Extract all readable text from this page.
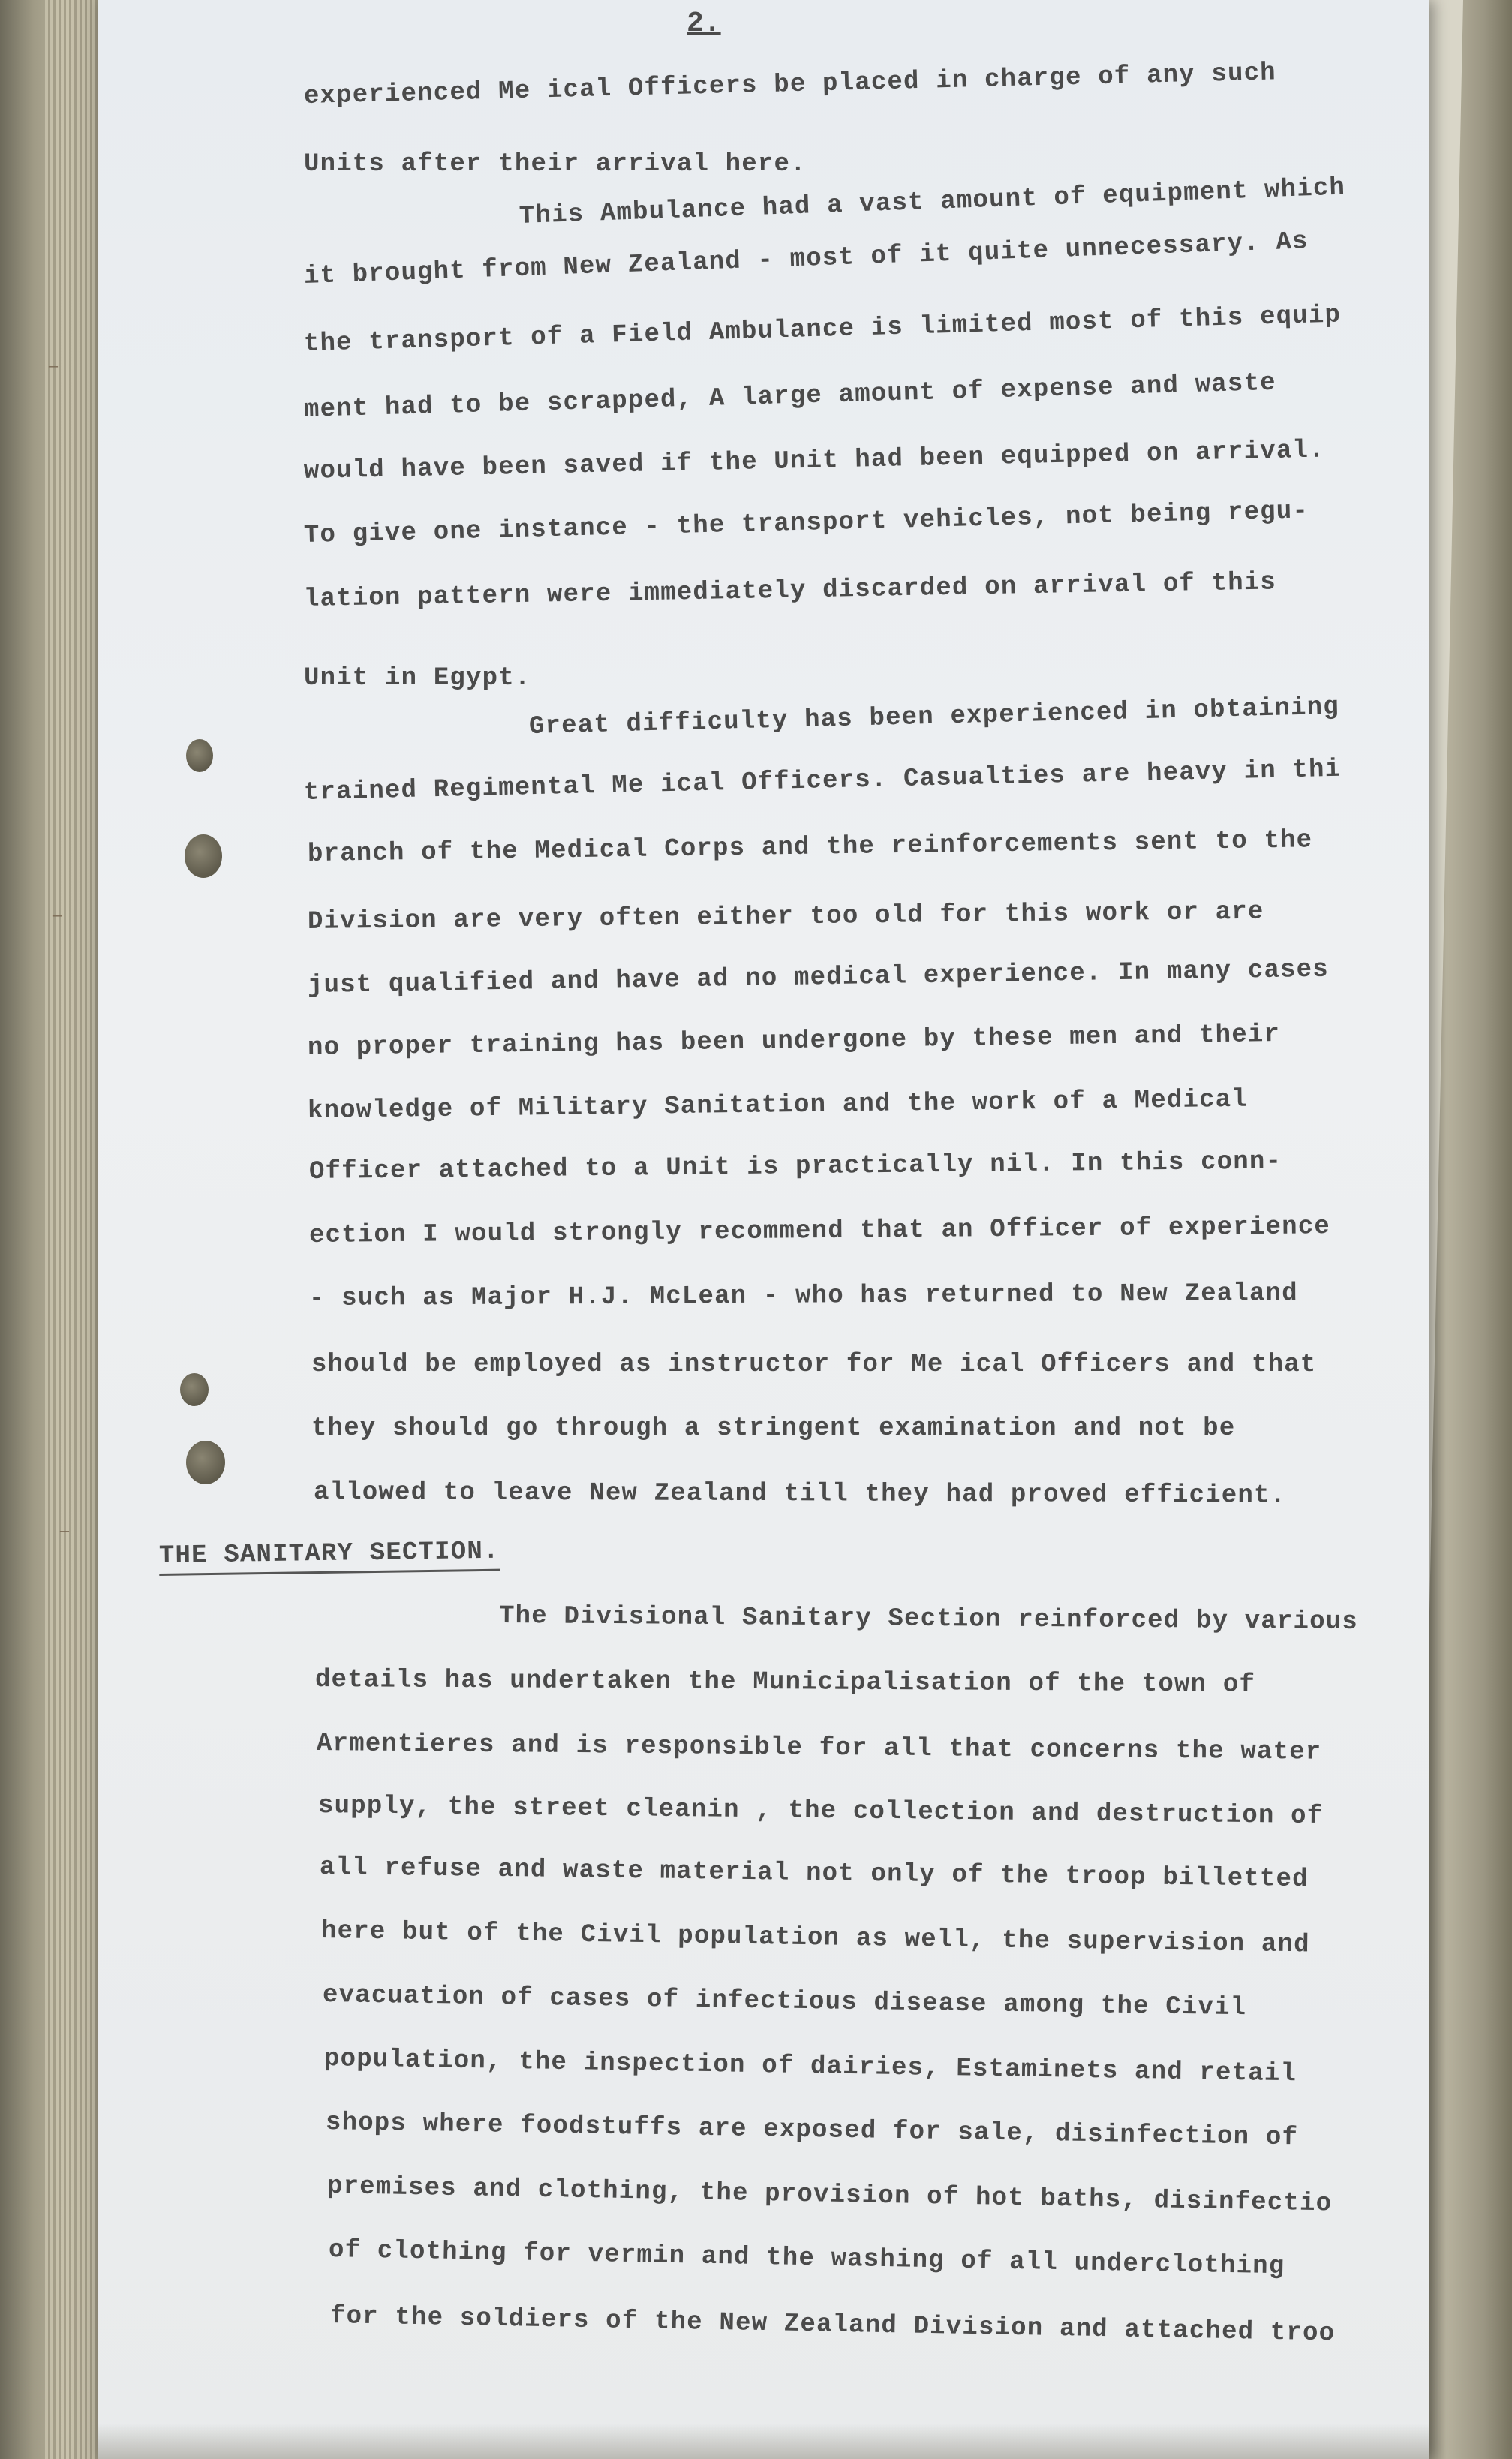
—
—
—
2.
experienced Me ical Officers be placed in charge of any such
Units after their arrival here.
This Ambulance had a vast amount of equipment which
it brought from New Zealand - most of it quite unnecessary. As
the transport of a Field Ambulance is limited most of this equip
ment had to be scrapped, A large amount of expense and waste
would have been saved if the Unit had been equipped on arrival.
To give one instance - the transport vehicles, not being regu-
lation pattern were immediately discarded on arrival of this
Unit in Egypt.
Great difficulty has been experienced in obtaining
trained Regimental Me ical Officers. Casualties are heavy in thi
branch of the Medical Corps and the reinforcements sent to the
Division are very often either too old for this work or are
just qualified and have ad no medical experience. In many cases
no proper training has been undergone by these men and their
knowledge of Military Sanitation and the work of a Medical
Officer attached to a Unit is practically nil. In this conn-
ection I would strongly recommend that an Officer of experience
- such as Major H.J. McLean - who has returned to New Zealand
should be employed as instructor for Me ical Officers and that
they should go through a stringent examination and not be
allowed to leave New Zealand till they had proved efficient.
THE SANITARY SECTION.
The Divisional Sanitary Section reinforced by various
details has undertaken the Municipalisation of the town of
Armentieres and is responsible for all that concerns the water
supply, the street cleanin , the collection and destruction of
all refuse and waste material not only of the troop billetted
here but of the Civil population as well, the supervision and
evacuation of cases of infectious disease among the Civil
population, the inspection of dairies, Estaminets and retail
shops where foodstuffs are exposed for sale, disinfection of
premises and clothing, the provision of hot baths, disinfectio
of clothing for vermin and the washing of all underclothing
for the soldiers of the New Zealand Division and attached troo
